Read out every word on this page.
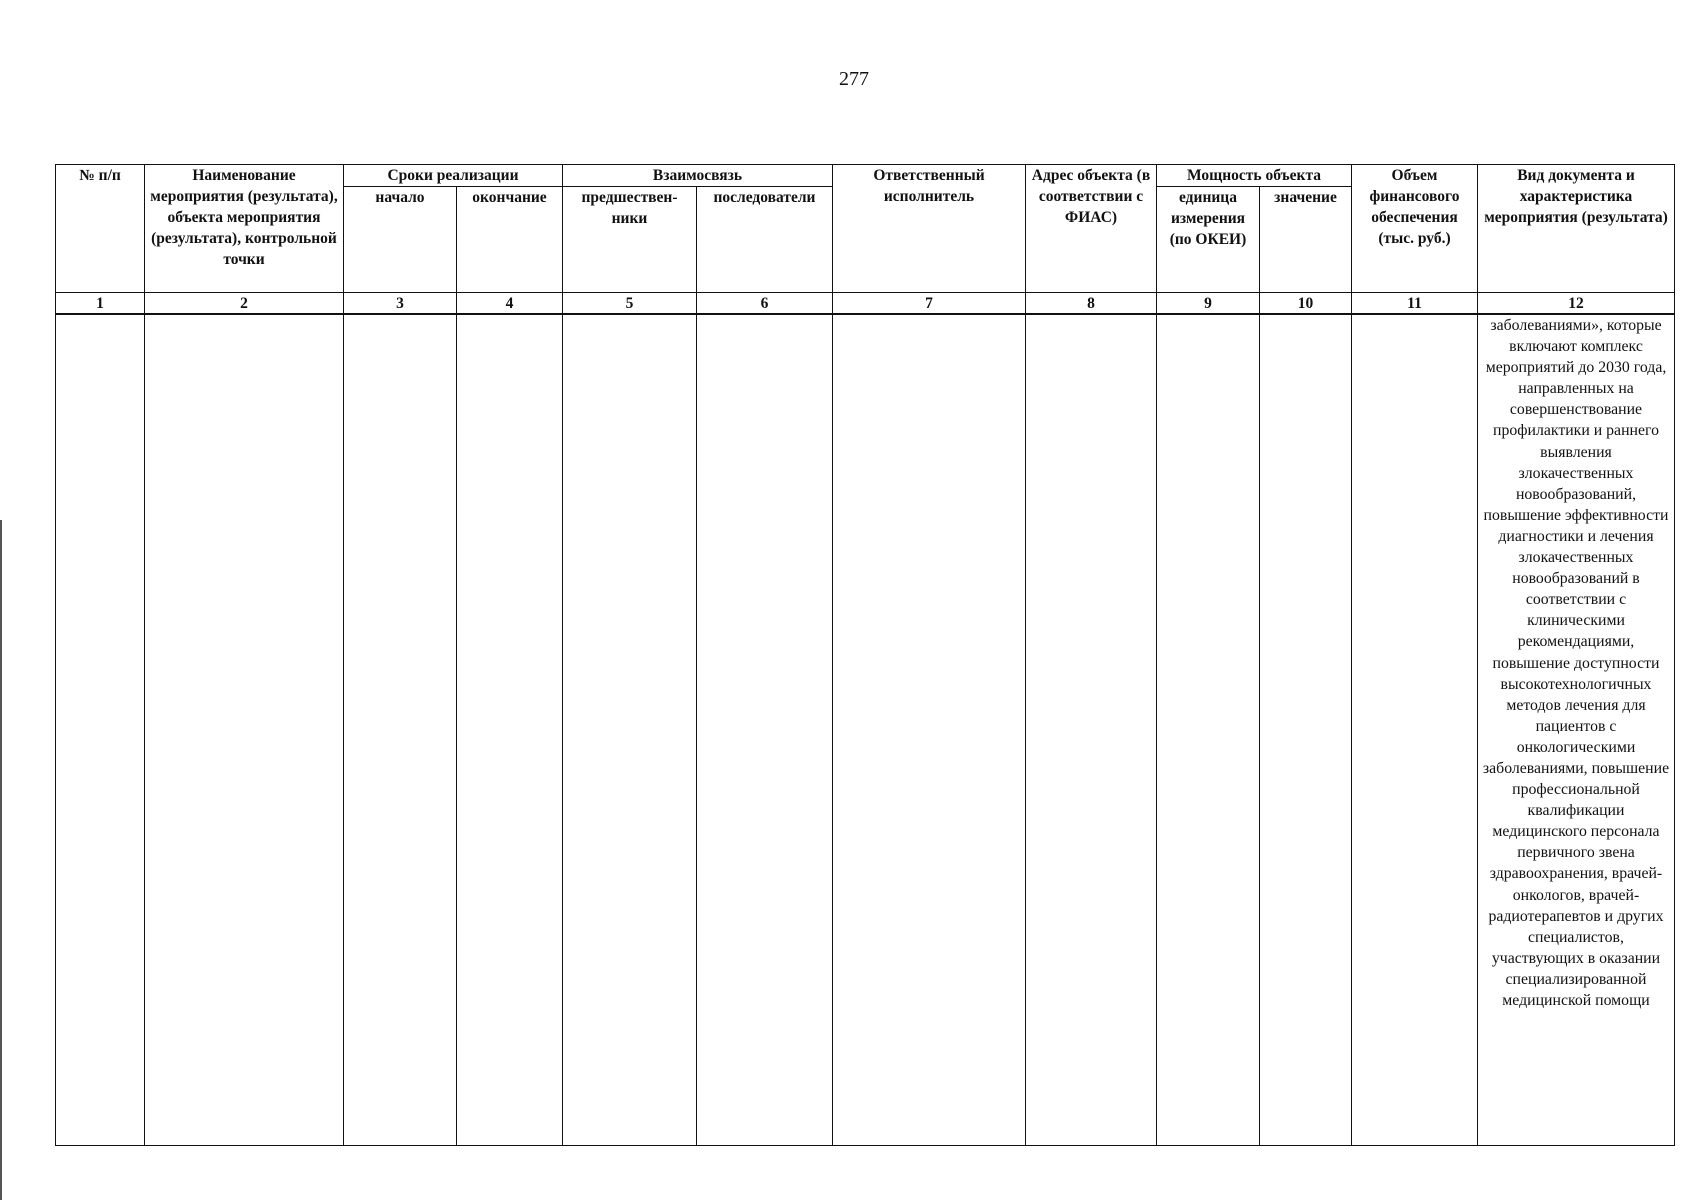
277
№ п/п	Наименование мероприятия (результата), объекта мероприятия (результата), контрольной точки	Сроки реализации		Взаимосвязь		Ответственный исполнитель	Адрес объекта (в соответствии с ФИАС)	Мощность объекта		Объем финансового обеспечения (тыс. руб.)	Вид документа и характеристика мероприятия (результата)
		начало	окончание	предшествен-ники	последователи			единица измерения (по ОКЕИ)	значение		
1	2	3	4	5	6	7	8	9	10	11	12
											заболеваниями», которые включают комплекс мероприятий до 2030 года, направленных на совершенствование профилактики и раннего выявления злокачественных новообразований, повышение эффективности диагностики и лечения злокачественных новообразований в соответствии с клиническими рекомендациями, повышение доступности высокотехнологичных методов лечения для пациентов с онкологическими заболеваниями, повышение профессиональной квалификации медицинского персонала первичного звена здравоохранения, врачей-онкологов, врачей-радиотерапевтов и других специалистов, участвующих в оказании специализированной медицинской помощи
